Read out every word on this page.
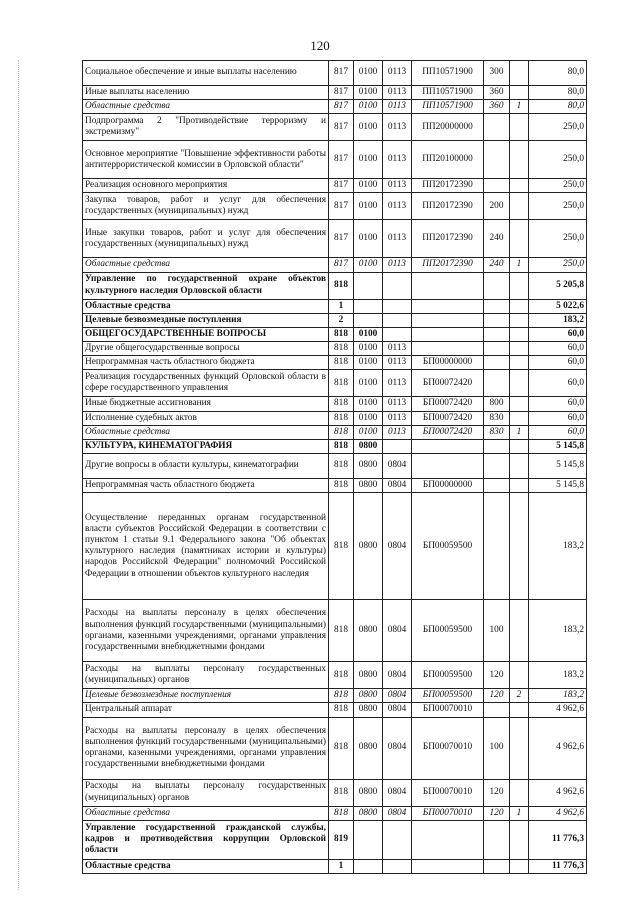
120
Социальное обеспечение и иные выплаты населению	817	0100	0113	ПП10571900	300		80,0
Иные выплаты населению	817	0100	0113	ПП10571900	360		80,0
Областные средства	817	0100	0113	ПП10571900	360	1	80,0
Подпрограмма 2 "Противодействие терроризму и экстремизму"	817	0100	0113	ПП20000000			250,0
Основное мероприятие "Повышение эффективности работы антитеррористической комиссии в Орловской области"	817	0100	0113	ПП20100000			250,0
Реализация основного мероприятия	817	0100	0113	ПП20172390			250,0
Закупка товаров, работ и услуг для обеспечения государственных (муниципальных) нужд	817	0100	0113	ПП20172390	200		250,0
Иные закупки товаров, работ и услуг для обеспечения государственных (муниципальных) нужд	817	0100	0113	ПП20172390	240		250,0
Областные средства	817	0100	0113	ПП20172390	240	1	250,0
Управление по государственной охране объектов культурного наследия Орловской области	818						5 205,8
Областные средства	1						5 022,6
Целевые безвозмездные поступления	2						183,2
ОБЩЕГОСУДАРСТВЕННЫЕ ВОПРОСЫ	818	0100					60,0
Другие общегосударственные вопросы	818	0100	0113				60,0
Непрограммная часть областного бюджета	818	0100	0113	БП00000000			60,0
Реализация государственных функций Орловской области в сфере государственного управления	818	0100	0113	БП00072420			60,0
Иные бюджетные ассигнования	818	0100	0113	БП00072420	800		60,0
Исполнение судебных актов	818	0100	0113	БП00072420	830		60,0
Областные средства	818	0100	0113	БП00072420	830	1	60,0
КУЛЬТУРА, КИНЕМАТОГРАФИЯ	818	0800					5 145,8
Другие вопросы в области культуры, кинематографии	818	0800	0804				5 145,8
Непрограммная часть областного бюджета	818	0800	0804	БП00000000			5 145,8
Осуществление переданных органам государственной власти субъектов Российской Федерации в соответствии с пунктом 1 статьи 9.1 Федерального закона "Об объектах культурного наследия (памятниках истории и культуры) народов Российской Федерации" полномочий Российской Федерации в отношении объектов культурного наследия	818	0800	0804	БП00059500			183,2
Расходы на выплаты персоналу в целях обеспечения выполнения функций государственными (муниципальными) органами, казенными учреждениями, органами управления государственными внебюджетными фондами	818	0800	0804	БП00059500	100		183,2
Расходы на выплаты персоналу государственных (муниципальных) органов	818	0800	0804	БП00059500	120		183,2
Целевые безвозмездные поступления	818	0800	0804	БП00059500	120	2	183,2
Центральный аппарат	818	0800	0804	БП00070010			4 962,6
Расходы на выплаты персоналу в целях обеспечения выполнения функций государственными (муниципальными) органами, казенными учреждениями, органами управления государственными внебюджетными фондами	818	0800	0804	БП00070010	100		4 962,6
Расходы на выплаты персоналу государственных (муниципальных) органов	818	0800	0804	БП00070010	120		4 962,6
Областные средства	818	0800	0804	БП00070010	120	1	4 962,6
Управление государственной гражданской службы, кадров и противодействия коррупции Орловской области	819						11 776,3
Областные средства	1						11 776,3
